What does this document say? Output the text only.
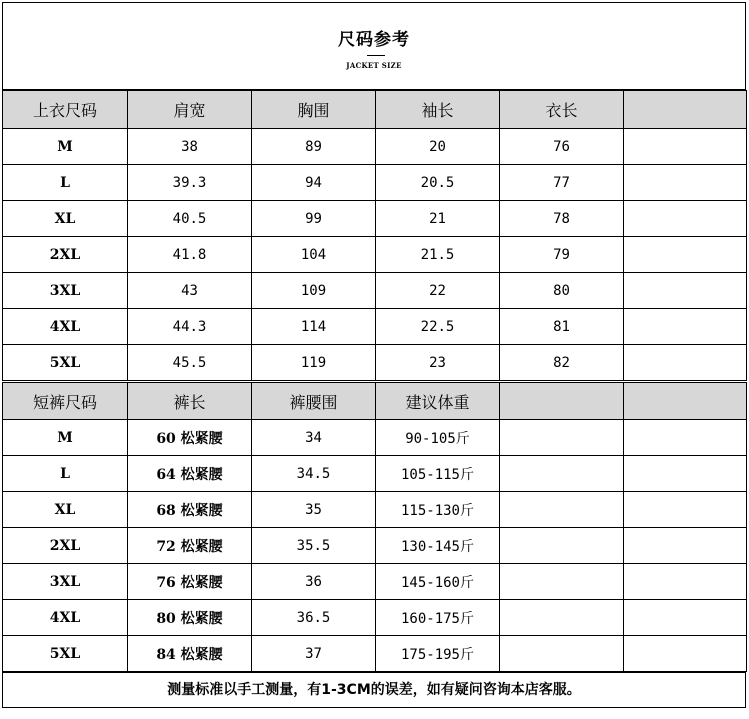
尺码参考
JACKET SIZE
上衣尺码	肩宽	胸围	袖长	衣长	
M	38	89	20	76	
L	39.3	94	20.5	77	
XL	40.5	99	21	78	
2XL	41.8	104	21.5	79	
3XL	43	109	22	80	
4XL	44.3	114	22.5	81	
5XL	45.5	119	23	82	
短裤尺码	裤长	裤腰围	建议体重		
M	60 松紧腰	34	90-105斤		
L	64 松紧腰	34.5	105-115斤		
XL	68 松紧腰	35	115-130斤		
2XL	72 松紧腰	35.5	130-145斤		
3XL	76 松紧腰	36	145-160斤		
4XL	80 松紧腰	36.5	160-175斤		
5XL	84 松紧腰	37	175-195斤		
测量标准以手工测量，有1-3CM的误差，如有疑问咨询本店客服。
